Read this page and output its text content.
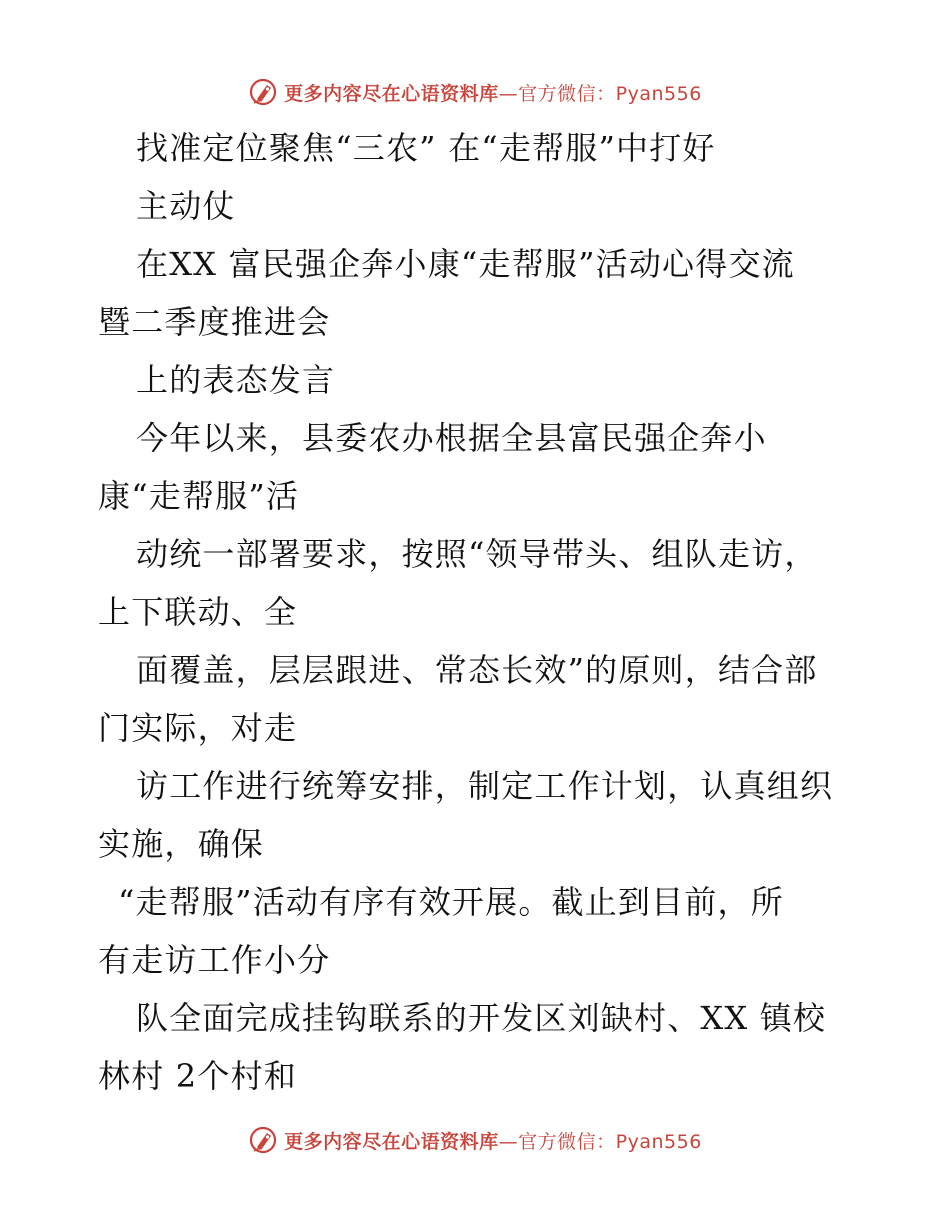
更多内容尽在心语资料库—官方微信：Pyan556
找准定位聚焦“三农” 在“走帮服”中打好
主动仗
在XX 富民强企奔小康“走帮服”活动心得交流
暨二季度推进会
上的表态发言
今年以来，县委农办根据全县富民强企奔小
康“走帮服”活
动统一部署要求，按照“领导带头、组队走访，
上下联动、全
面覆盖，层层跟进、常态长效”的原则，结合部
门实际，对走
访工作进行统筹安排，制定工作计划，认真组织
实施，确保
“走帮服”活动有序有效开展。截止到目前，所
有走访工作小分
队全面完成挂钩联系的开发区刘缺村、XX 镇校
林村 2个村和
更多内容尽在心语资料库—官方微信：Pyan556
